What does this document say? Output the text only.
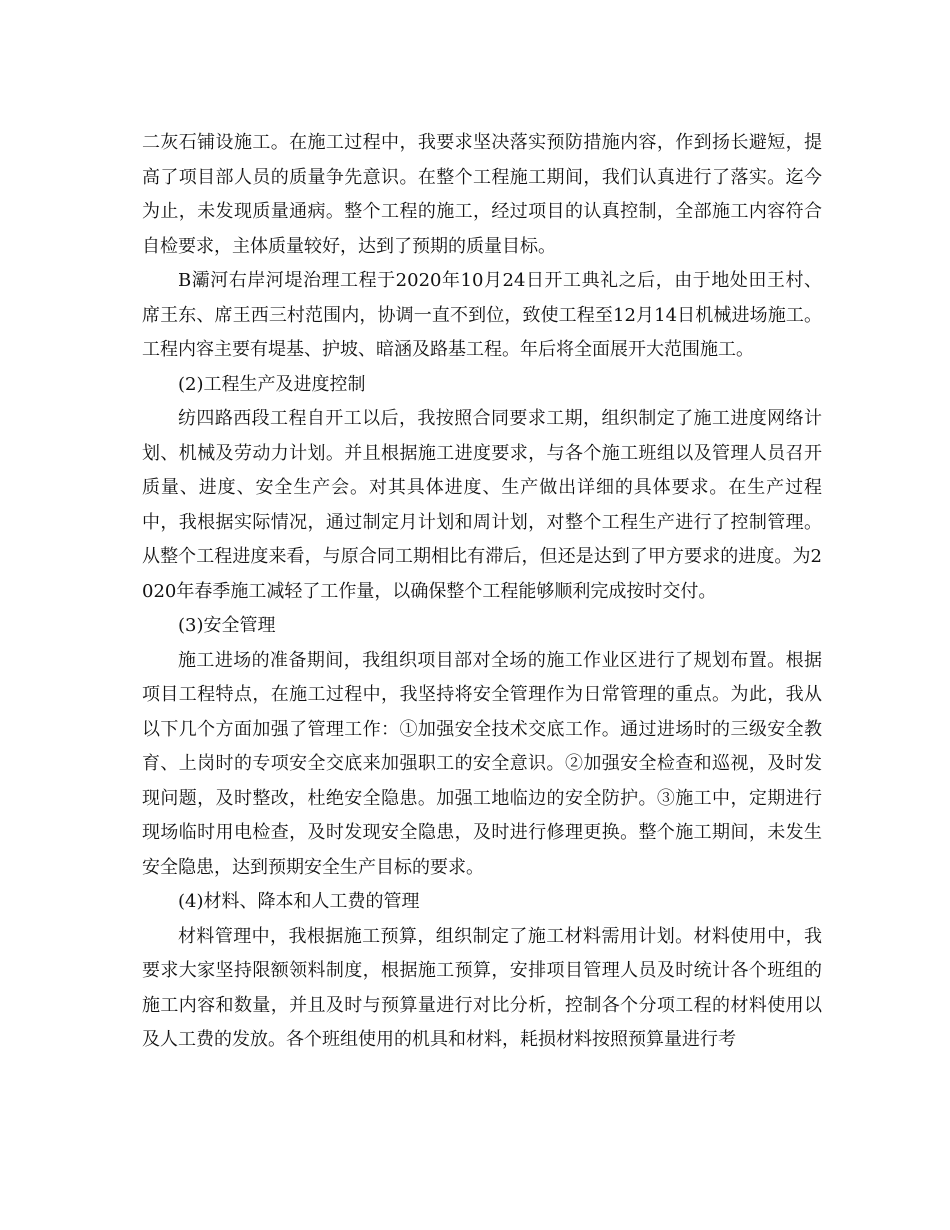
二灰石铺设施工。在施工过程中，我要求坚决落实预防措施内容，作到扬长避短，提高了项目部人员的质量争先意识。在整个工程施工期间，我们认真进行了落实。迄今为止，未发现质量通病。整个工程的施工，经过项目的认真控制，全部施工内容符合自检要求，主体质量较好，达到了预期的质量目标。

B灞河右岸河堤治理工程于2020年10月24日开工典礼之后，由于地处田王村、席王东、席王西三村范围内，协调一直不到位，致使工程至12月14日机械进场施工。工程内容主要有堤基、护坡、暗涵及路基工程。年后将全面展开大范围施工。

(2)工程生产及进度控制

纺四路西段工程自开工以后，我按照合同要求工期，组织制定了施工进度网络计划、机械及劳动力计划。并且根据施工进度要求，与各个施工班组以及管理人员召开质量、进度、安全生产会。对其具体进度、生产做出详细的具体要求。在生产过程中，我根据实际情况，通过制定月计划和周计划，对整个工程生产进行了控制管理。从整个工程进度来看，与原合同工期相比有滞后，但还是达到了甲方要求的进度。为2020年春季施工减轻了工作量，以确保整个工程能够顺利完成按时交付。

(3)安全管理

施工进场的准备期间，我组织项目部对全场的施工作业区进行了规划布置。根据项目工程特点，在施工过程中，我坚持将安全管理作为日常管理的重点。为此，我从以下几个方面加强了管理工作：①加强安全技术交底工作。通过进场时的三级安全教育、上岗时的专项安全交底来加强职工的安全意识。②加强安全检查和巡视，及时发现问题，及时整改，杜绝安全隐患。加强工地临边的安全防护。③施工中，定期进行现场临时用电检查，及时发现安全隐患，及时进行修理更换。整个施工期间，未发生安全隐患，达到预期安全生产目标的要求。

(4)材料、降本和人工费的管理

材料管理中，我根据施工预算，组织制定了施工材料需用计划。材料使用中，我要求大家坚持限额领料制度，根据施工预算，安排项目管理人员及时统计各个班组的施工内容和数量，并且及时与预算量进行对比分析，控制各个分项工程的材料使用以及人工费的发放。各个班组使用的机具和材料，耗损材料按照预算量进行考
